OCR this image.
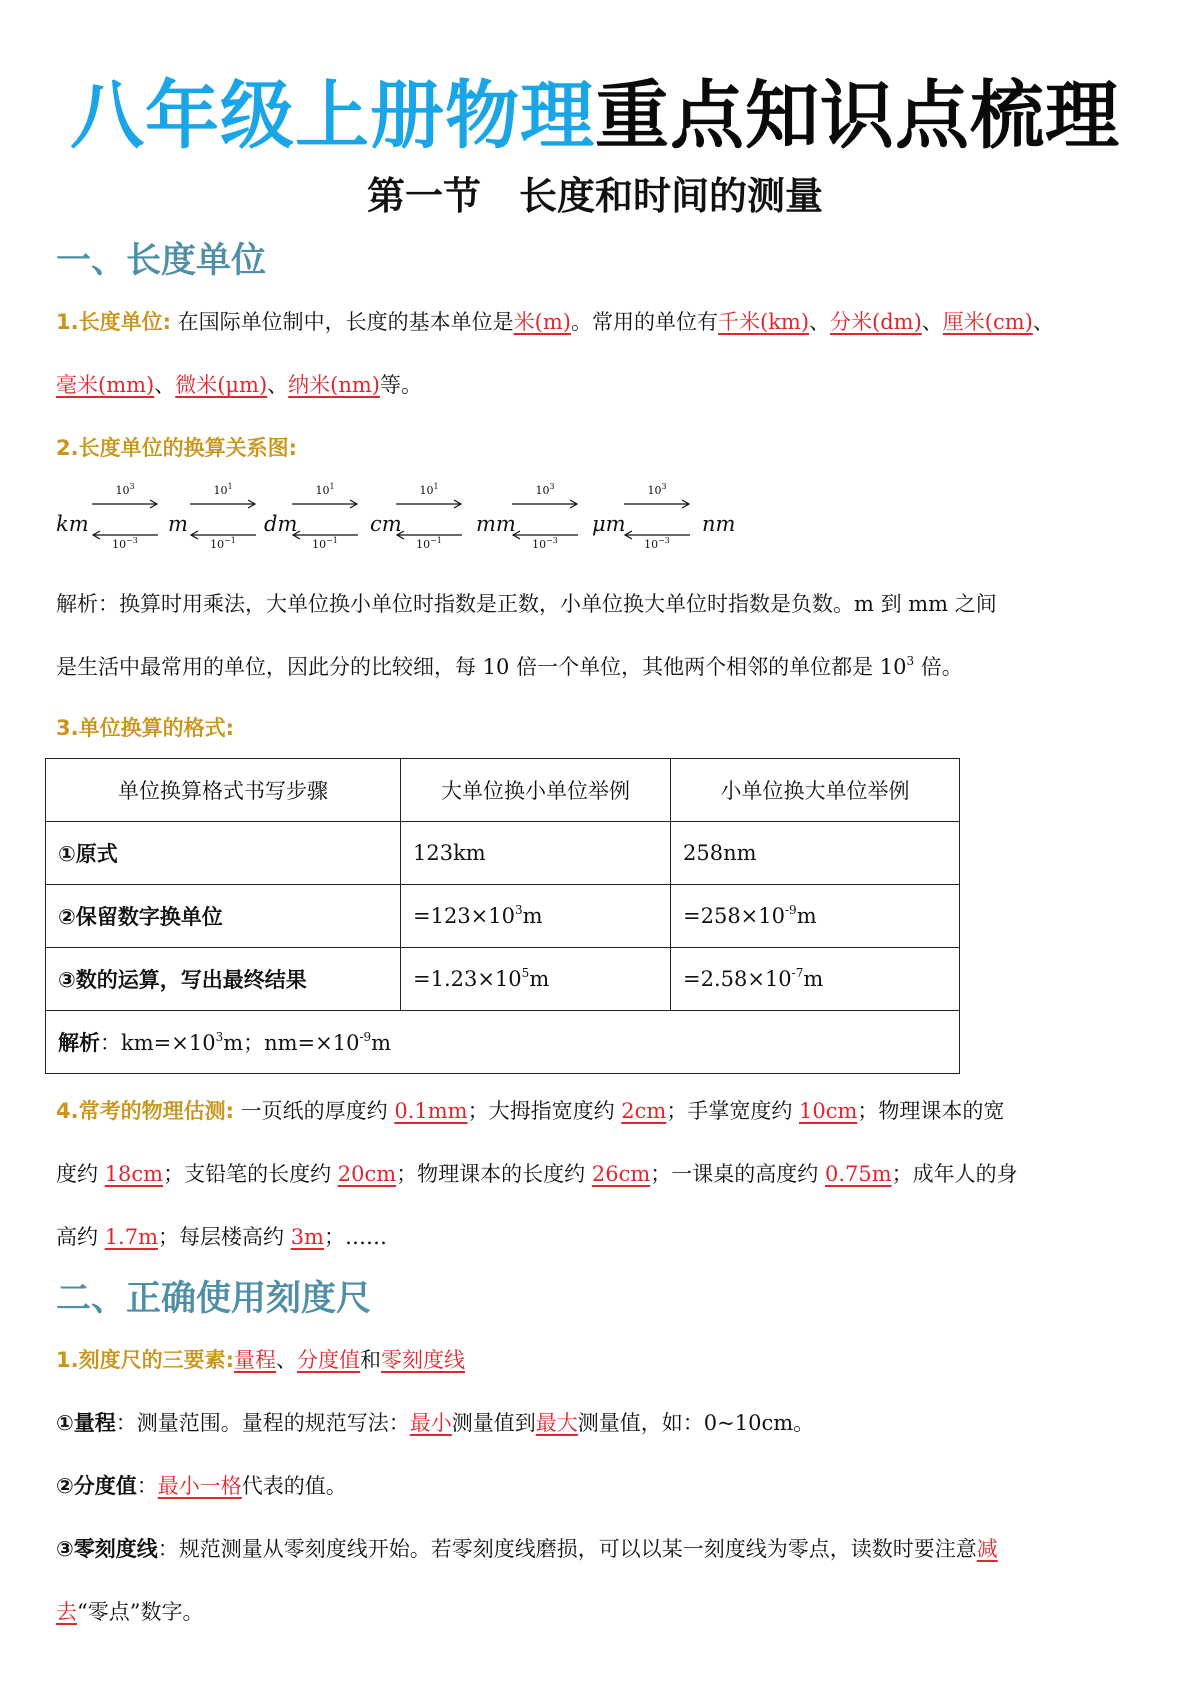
八年级上册物理重点知识点梳理
第一节　长度和时间的测量
一、长度单位
1.长度单位: 在国际单位制中，长度的基本单位是米(m)。常用的单位有千米(km)、分米(dm)、厘米(cm)、
毫米(mm)、微米(μm)、纳米(nm)等。
2.长度单位的换算关系图:
km	m	dm	cm	mm	μm	nm
$10^3$
$10^{-3}$
$10^1$
$10^{-1}$
$10^1$
$10^{-1}$
$10^1$
$10^{-1}$
$10^3$
$10^{-3}$
$10^3$
$10^{-3}$
解析：换算时用乘法，大单位换小单位时指数是正数，小单位换大单位时指数是负数。m 到 mm 之间
是生活中最常用的单位，因此分的比较细，每 10 倍一个单位，其他两个相邻的单位都是 $10^3$ 倍。
3.单位换算的格式:
单位换算格式书写步骤	大单位换小单位举例	小单位换大单位举例
①原式	123km	258nm
②保留数字换单位	$=123\times 10^3m$	$=258\times 10^{-9}m$
③数的运算，写出最终结果	$=1.23\times 10^5m$	$=2.58\times 10^{-7}m$
解析：$km=\times 10^3m$；$nm=\times 10^{-9}m$		
4.常考的物理估测: 一页纸的厚度约 0.1mm；大拇指宽度约 2cm；手掌宽度约 10cm；物理课本的宽
度约 18cm；支铅笔的长度约 20cm；物理课本的长度约 26cm；一课桌的高度约 0.75m；成年人的身
高约 1.7m；每层楼高约 3m；……
二、正确使用刻度尺
1.刻度尺的三要素:量程、分度值和零刻度线
①量程：测量范围。量程的规范写法：最小测量值到最大测量值，如：0~10cm。
②分度值：最小一格代表的值。
③零刻度线：规范测量从零刻度线开始。若零刻度线磨损，可以以某一刻度线为零点，读数时要注意减
去“零点”数字。
